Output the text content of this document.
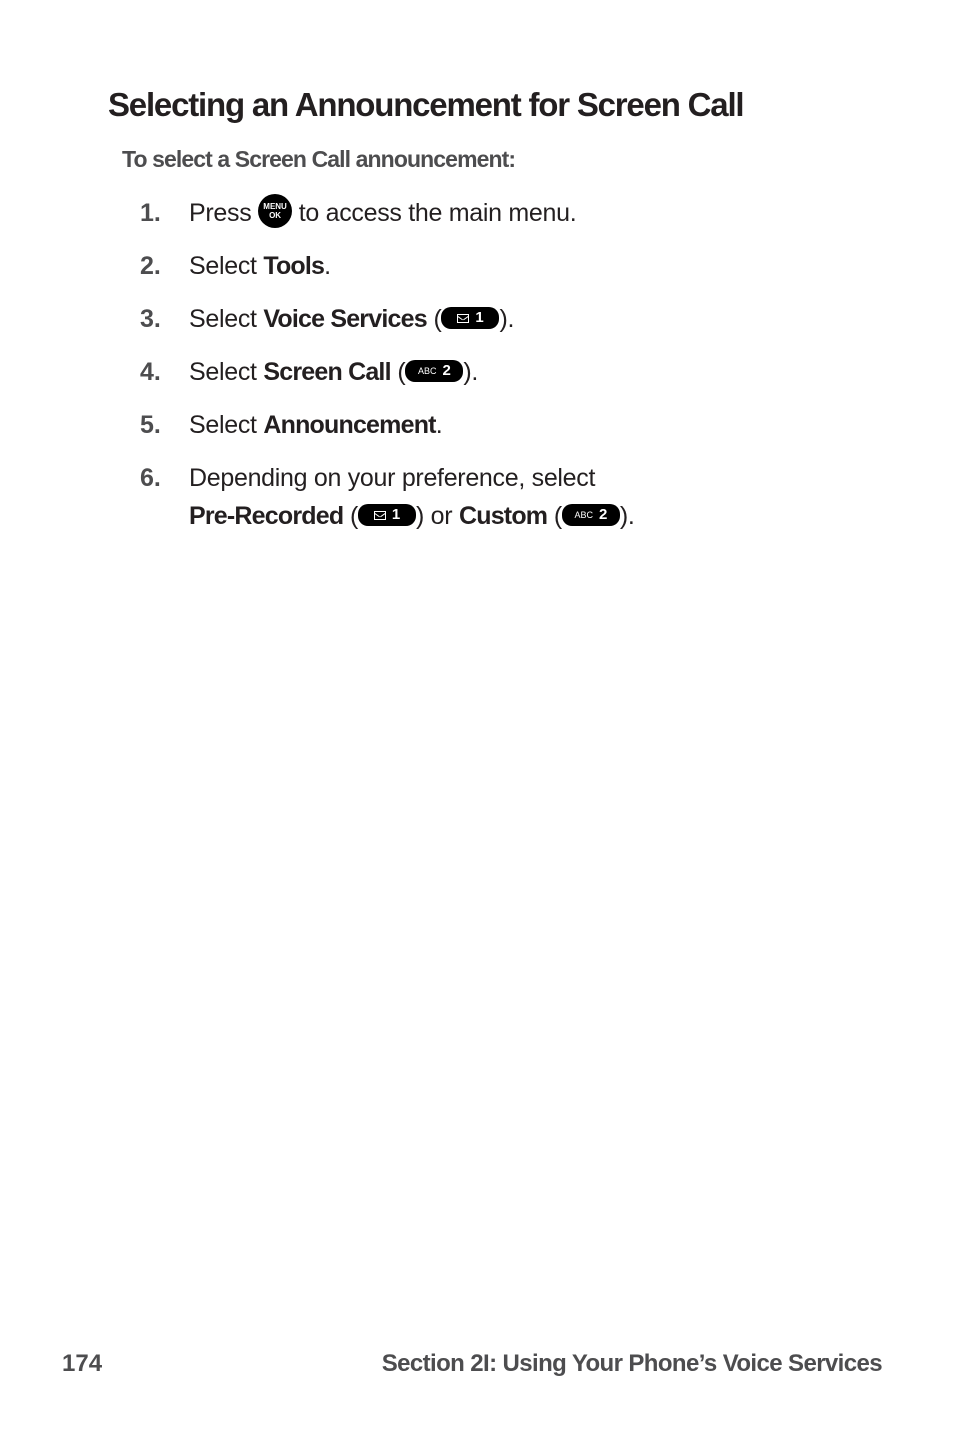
Selecting an Announcement for Screen Call
To select a Screen Call announcement:
1.	Press MENU
OK to access the main menu.
2.	Select Tools.
3.	Select Voice Services ( 1 ).
4.	Select Screen Call ( ABC 2 ).
5.	Select Announcement.
6.	Depending on your preference, select
Pre-Recorded ( 1 ) or Custom ( ABC 2 ).
174	Section 2I: Using Your Phone’s Voice Services
